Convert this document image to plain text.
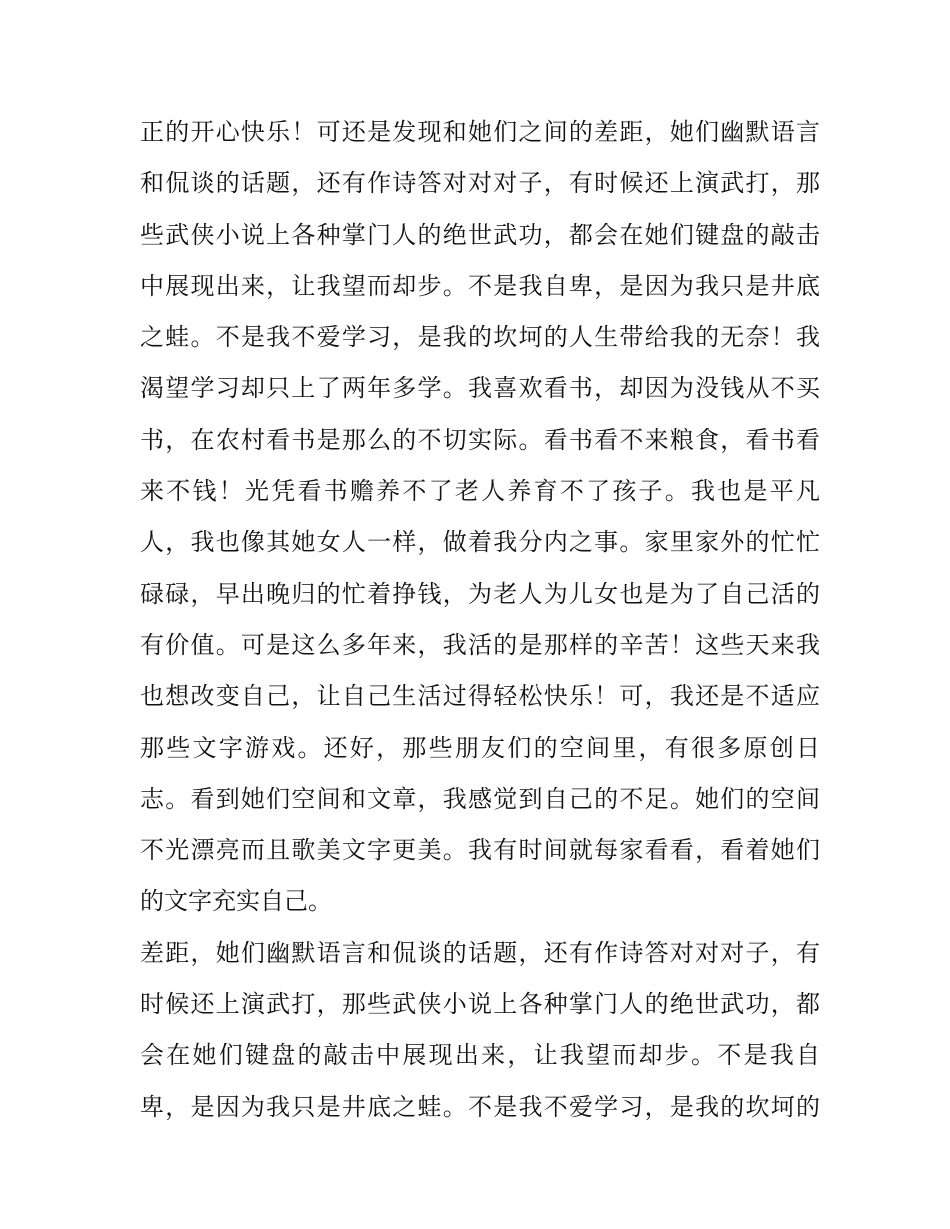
正的开心快乐！可还是发现和她们之间的差距，她们幽默语言
和侃谈的话题，还有作诗答对对对子，有时候还上演武打，那
些武侠小说上各种掌门人的绝世武功，都会在她们键盘的敲击
中展现出来，让我望而却步。不是我自卑，是因为我只是井底
之蛙。不是我不爱学习，是我的坎坷的人生带给我的无奈！我
渴望学习却只上了两年多学。我喜欢看书，却因为没钱从不买
书，在农村看书是那么的不切实际。看书看不来粮食，看书看
来不钱！光凭看书赡养不了老人养育不了孩子。我也是平凡
人，我也像其她女人一样，做着我分内之事。家里家外的忙忙
碌碌，早出晚归的忙着挣钱，为老人为儿女也是为了自己活的
有价值。可是这么多年来，我活的是那样的辛苦！这些天来我
也想改变自己，让自己生活过得轻松快乐！可，我还是不适应
那些文字游戏。还好，那些朋友们的空间里，有很多原创日
志。看到她们空间和文章，我感觉到自己的不足。她们的空间
不光漂亮而且歌美文字更美。我有时间就每家看看，看着她们
的文字充实自己。
差距，她们幽默语言和侃谈的话题，还有作诗答对对对子，有
时候还上演武打，那些武侠小说上各种掌门人的绝世武功，都
会在她们键盘的敲击中展现出来，让我望而却步。不是我自
卑，是因为我只是井底之蛙。不是我不爱学习，是我的坎坷的
